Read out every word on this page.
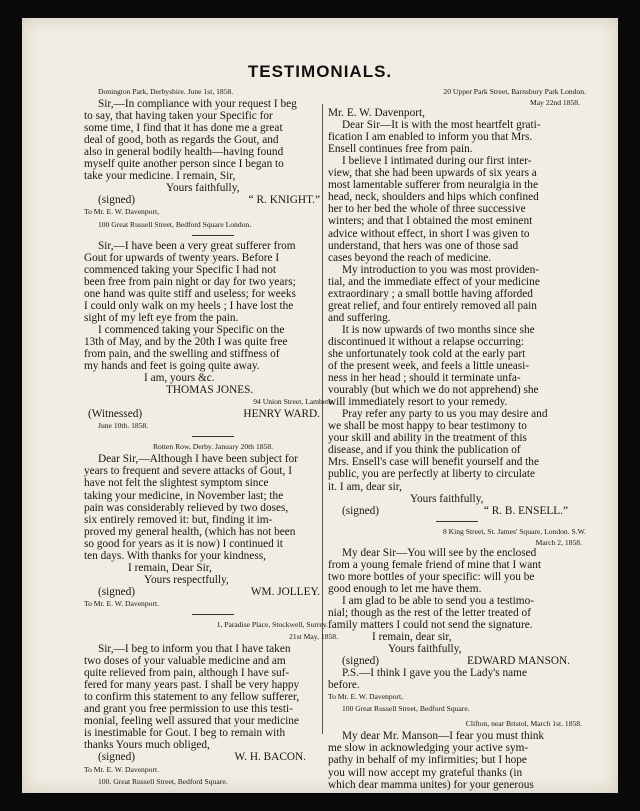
TESTIMONIALS.
Donington Park, Derbyshire. June 1st, 1858.
Sir,—In compliance with your request I beg
to say, that having taken your Specific for
some time, I find that it has done me a great
deal of good, both as regards the Gout, and
also in general bodily health—having found
myself quite another person since I began to
take your medicine. I remain, Sir,
Yours faithfully,
(signed)	“ R. KNIGHT.”
To Mr. E. W. Davenport,
100 Great Russell Street, Bedford Square London.
Sir,—I have been a very great sufferer from
Gout for upwards of twenty years. Before I
commenced taking your Specific I had not
been free from pain night or day for two years;
one hand was quite stiff and useless; for weeks
I could only walk on my heels ; I have lost the
sight of my left eye from the pain.
I commenced taking your Specific on the
13th of May, and by the 20th I was quite free
from pain, and the swelling and stiffness of
my hands and feet is going quite away.
I am, yours &c.
THOMAS JONES.
94 Union Street, Lambeth.
(Witnessed)	HENRY WARD.
June 10th. 1858.
Rotten Row, Derby. January 20th 1858.
Dear Sir,—Although I have been subject for
years to frequent and severe attacks of Gout, I
have not felt the slightest symptom since
taking your medicine, in November last; the
pain was considerably relieved by two doses,
six entirely removed it: but, finding it im-
proved my general health, (which has not been
so good for years as it is now) I continued it
ten days. With thanks for your kindness,
I remain, Dear Sir,
Yours respectfully,
(signed)	WM. JOLLEY.
To Mr. E. W. Davenport.
1, Paradise Place, Stockwell, Surrey.
21st May, 1858.
Sir,—I beg to inform you that I have taken
two doses of your valuable medicine and am
quite relieved from pain, although I have suf-
fered for many years past. I shall be very happy
to confirm this statement to any fellow sufferer,
and grant you free permission to use this testi-
monial, feeling well assured that your medicine
is inestimable for Gout. I beg to remain with
thanks Yours much obliged,
(signed)	W. H. BACON.
To Mr. E. W. Davenport.
100. Great Russell Street, Bedford Square.
20 Upper Park Street, Barnsbury Park London.
May 22nd 1858.
Mr. E. W. Davenport,
Dear Sir—It is with the most heartfelt grati-
fication I am enabled to inform you that Mrs.
Ensell continues free from pain.
I believe I intimated during our first inter-
view, that she had been upwards of six years a
most lamentable sufferer from neuralgia in the
head, neck, shoulders and hips which confined
her to her bed the whole of three successive
winters; and that I obtained the most eminent
advice without effect, in short I was given to
understand, that hers was one of those sad
cases beyond the reach of medicine.
My introduction to you was most providen-
tial, and the immediate effect of your medicine
extraordinary ; a small bottle having afforded
great relief, and four entirely removed all pain
and suffering.
It is now upwards of two months since she
discontinued it without a relapse occurring:
she unfortunately took cold at the early part
of the present week, and feels a little uneasi-
ness in her head ; should it terminate unfa-
vourably (but which we do not apprehend) she
will immediately resort to your remedy.
Pray refer any party to us you may desire and
we shall be most happy to bear testimony to
your skill and ability in the treatment of this
disease, and if you think the publication of
Mrs. Ensell's case will benefit yourself and the
public, you are perfectly at liberty to circulate
it. I am, dear sir,
Yours faithfully,
(signed)	“ R. B. ENSELL.”
8 King Street, St. James' Square, London. S.W.
March 2, 1858.
My dear Sir—You will see by the enclosed
from a young female friend of mine that I want
two more bottles of your specific: will you be
good enough to let me have them.
I am glad to be able to send you a testimo-
nial; though as the rest of the letter treated of
family matters I could not send the signature.
I remain, dear sir,
Yours faithfully,
(signed)	EDWARD MANSON.
P.S.—I think I gave you the Lady's name
before.
To Mr. E. W. Davenport,
100 Great Russell Street, Bedford Square.
Clifton, near Bristol, March 1st. 1858.
My dear Mr. Manson—I fear you must think
me slow in acknowledging your active sym-
pathy in behalf of my infirmities; but I hope
you will now accept my grateful thanks (in
which dear mamma unites) for your generous
